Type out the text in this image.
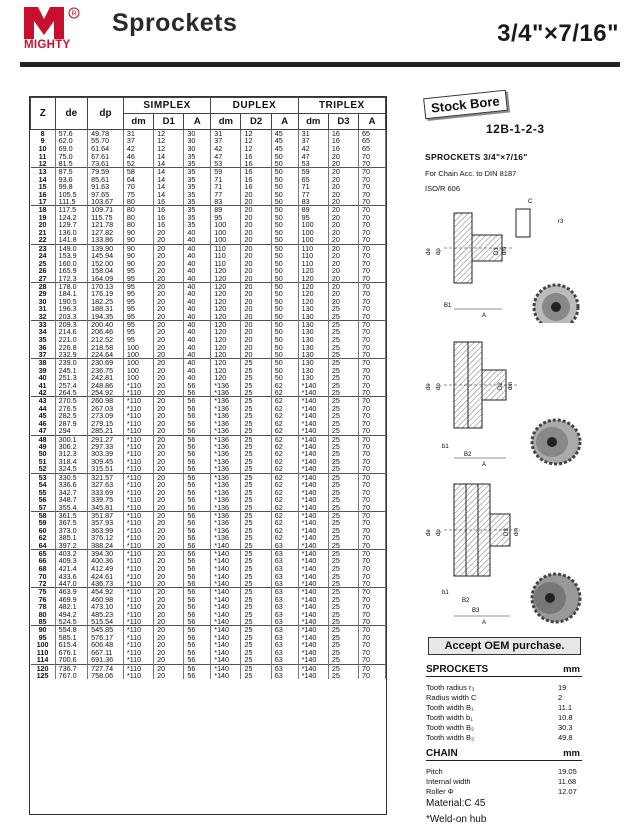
R
MIGHTY
Sprockets	3/4"×7/16"
Z	de	dp	SIMPLEX			DUPLEX			TRIPLEX		
			dm	D1	A	dm	D2	A	dm	D3	A
8	57.6	49.78	31	12	30	31	12	45	31	16	65
9	62.0	55.70	37	12	30	37	12	45	37	16	65
10	69.0	61.64	42	12	30	42	12	45	42	16	65
11	75.0	67.61	46	14	35	47	16	50	47	20	70
12	81.5	73.61	52	14	35	53	16	50	53	20	70
13	87.5	79.59	58	14	35	59	16	50	59	20	70
14	93.6	85.61	64	14	35	71	16	50	65	20	70
15	99.8	91.63	70	14	35	71	16	50	71	20	70
16	105.5	97.65	75	14	35	77	20	50	77	20	70
17	111.5	103.67	80	16	35	83	20	50	83	20	70
18	117.5	109.71	80	16	35	89	20	50	89	20	70
19	124.2	115.75	80	16	35	95	20	50	95	20	70
20	129.7	121.78	80	16	35	100	20	50	100	20	70
21	136.0	127.82	90	20	40	100	20	50	100	20	70
22	141.8	133.86	90	20	40	100	20	50	100	20	70
23	149.0	139.90	90	20	40	110	20	50	110	20	70
24	153.9	145.94	90	20	40	110	20	50	110	20	70
25	160.0	152.00	90	20	40	110	20	50	110	20	70
26	165.9	158.04	95	20	40	120	20	50	120	20	70
27	172.3	164.09	95	20	40	120	20	50	120	20	70
28	178.0	170.13	95	20	40	120	20	50	120	20	70
29	184.1	176.19	95	20	40	120	20	50	120	20	70
30	190.5	182.25	95	20	40	120	20	50	120	20	70
31	196.3	188.31	95	20	40	120	20	50	130	25	70
32	203.3	194.35	95	20	40	120	20	50	130	25	70
33	209.3	200.40	95	20	40	120	20	50	130	25	70
34	214.6	206.46	95	20	40	120	20	50	130	25	70
35	221.0	212.52	95	20	40	120	20	50	130	25	70
36	226.8	218.58	100	20	40	120	20	50	130	25	70
37	232.9	224.64	100	20	40	120	20	50	130	25	70
38	239.0	230.69	100	20	40	120	25	50	130	25	70
39	245.1	236.75	100	20	40	120	25	50	130	25	70
40	251.3	242.81	100	20	40	120	25	50	130	25	70
41	257.4	248.86	*110	20	56	*136	25	62	*140	25	70
42	264.5	254.92	*110	20	56	*136	25	62	*140	25	70
43	270.5	260.98	*110	20	56	*136	25	62	*140	25	70
44	276.5	267.03	*110	20	56	*136	25	62	*140	25	70
45	282.5	273.09	*110	20	56	*136	25	62	*140	25	70
46	287.9	279.15	*110	20	56	*136	25	62	*140	25	70
47	294	285.21	*110	20	56	*136	25	62	*140	25	70
48	300.1	291.27	*110	20	56	*136	25	62	*140	25	70
49	306.2	297.33	*110	20	56	*136	25	62	*140	25	70
50	312.3	303.39	*110	20	56	*136	25	62	*140	25	70
51	318.4	309.45	*110	20	56	*136	25	62	*140	25	70
52	324.5	315.51	*110	20	56	*136	25	62	*140	25	70
53	330.5	321.57	*110	20	56	*136	25	62	*140	25	70
54	336.6	327.63	*110	20	56	*136	25	62	*140	25	70
55	342.7	333.69	*110	20	56	*136	25	62	*140	25	70
56	348.7	339.75	*110	20	56	*136	25	62	*140	25	70
57	355.4	345.81	*110	20	56	*136	25	62	*140	25	70
58	361.5	351.87	*110	20	56	*136	25	62	*140	25	70
59	367.5	357.93	*110	20	56	*136	25	62	*140	25	70
60	373.0	363.99	*110	20	56	*136	25	62	*140	25	70
62	385.1	376.12	*110	20	56	*136	25	62	*140	25	70
64	397.2	388.24	*110	20	56	*140	25	63	*140	25	70
65	403.2	394.30	*110	20	56	*140	25	63	*140	25	70
66	409.3	400.36	*110	20	56	*140	25	63	*140	25	70
68	421.4	412.49	*110	20	56	*140	25	63	*140	25	70
70	433.6	424.61	*110	20	56	*140	25	63	*140	25	70
72	447.0	436.73	*110	20	56	*140	25	63	*140	25	70
75	463.9	454.92	*110	20	56	*140	25	63	*140	25	70
76	469.9	460.98	*110	20	56	*140	25	63	*140	25	70
78	482.1	473.10	*110	20	56	*140	25	63	*140	25	70
80	494.2	485.23	*110	20	56	*140	25	63	*140	25	70
85	524.5	515.54	*110	20	56	*140	25	63	*140	25	70
90	554.8	545.85	*110	20	56	*140	25	63	*140	25	70
95	585.1	576.17	*110	20	56	*140	25	63	*140	25	70
100	615.4	606.48	*110	20	56	*140	25	63	*140	25	70
110	676.1	667.11	*110	20	56	*140	25	63	*140	25	70
114	700.6	691.36	*110	20	56	*140	25	63	*140	25	70
120	736.7	727.74	*110	20	56	*140	25	63	*140	25	70
125	767.0	758.06	*110	20	56	*140	25	63	*140	25	70
Stock Bore
12B-1-2-3
SPROCKETS 3/4"×7/16"
For Chain Acc. to DIN 8187
ISO/R 606
C
r3
de dp	D1 dm
B1
A
de dp	D2 dm
b1
B2
A
de dp	D3 dm
b1
B2
B3
A
Accept OEM purchase.
SPROCKETS	mm
Tooth radius r₃	19
Radius width C	2
Tooth width B₁	11.1
Tooth width b₁	10.8
Tooth width B₂	30.3
Tooth width B₃	49.8
CHAIN	mm
Pitch	19.05
Internal width	11.68
Roller Φ	12.07
Material:C 45
*Weld-on hub
